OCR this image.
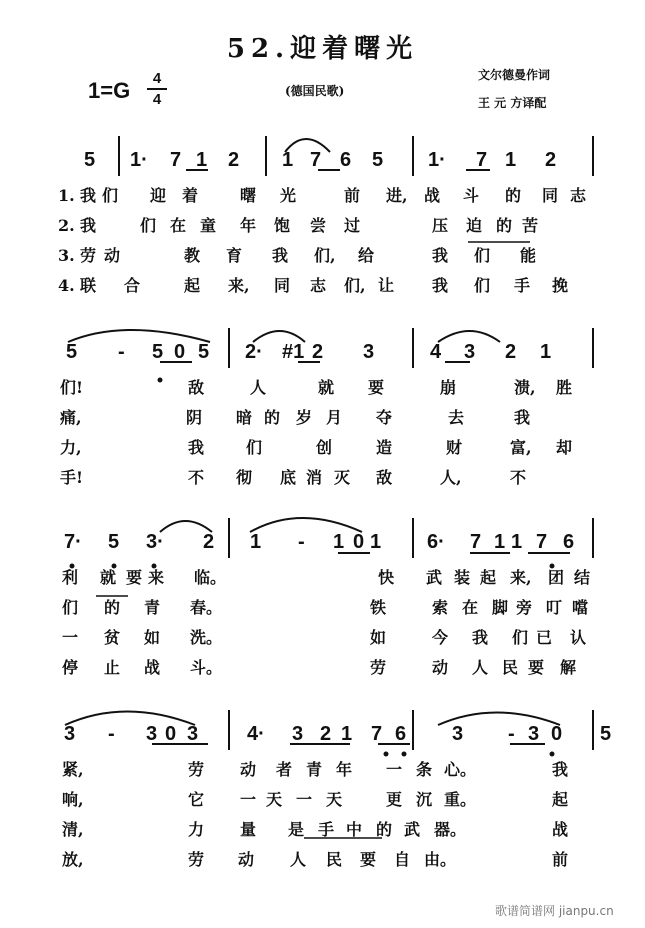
52.迎着曙光
1=G	4
4	(德国民歌)
文尔德曼作词
王 元 方译配
5 1· 7 1 2 1 7 6 5 1· 7 1 2
1. 我 们 迎 着	曙 光	前 进, 战 斗 的 同 志
2. 我	们 在 童 年 饱 尝 过	压 迫 的 苦
3. 劳 动	教 育 我 们, 给	我 们 能
4. 联 合	起 来, 同 志 们, 让 我 们 手 挽
5 - 5 0 5 2· #1 2 3	4 3 2 1
们!	敌	人	就 要	崩	溃, 胜
痛,	阴 暗 的 岁 月 夺	去	我
力,	我	们	创	造	财	富, 却
手!	不 彻 底 消 灭 敌	人,	不
7· 5 3· 2 1 - 1 0 1 6· 7 1 1 7 6
利 就 要 来 临。	快 武 装 起 来, 团 结
们 的 青 春。	铁	索 在 脚 旁 叮 噹
一 贫 如 洗。	如	今 我 们 已 认
停 止 战 斗。	劳	动 人 民 要 解
3 - 3 0 3 4· 3 2 1 7 6 3 - 3 0 5
紧,	劳 动 者 青 年 一 条 心。	我
响,	它 一 天 一 天	更 沉 重。	起
清,	力 量 是 手 中 的 武 器。	战
放,	劳 动 人 民 要 自 由。	前
歌谱简谱网 jianpu.cn
